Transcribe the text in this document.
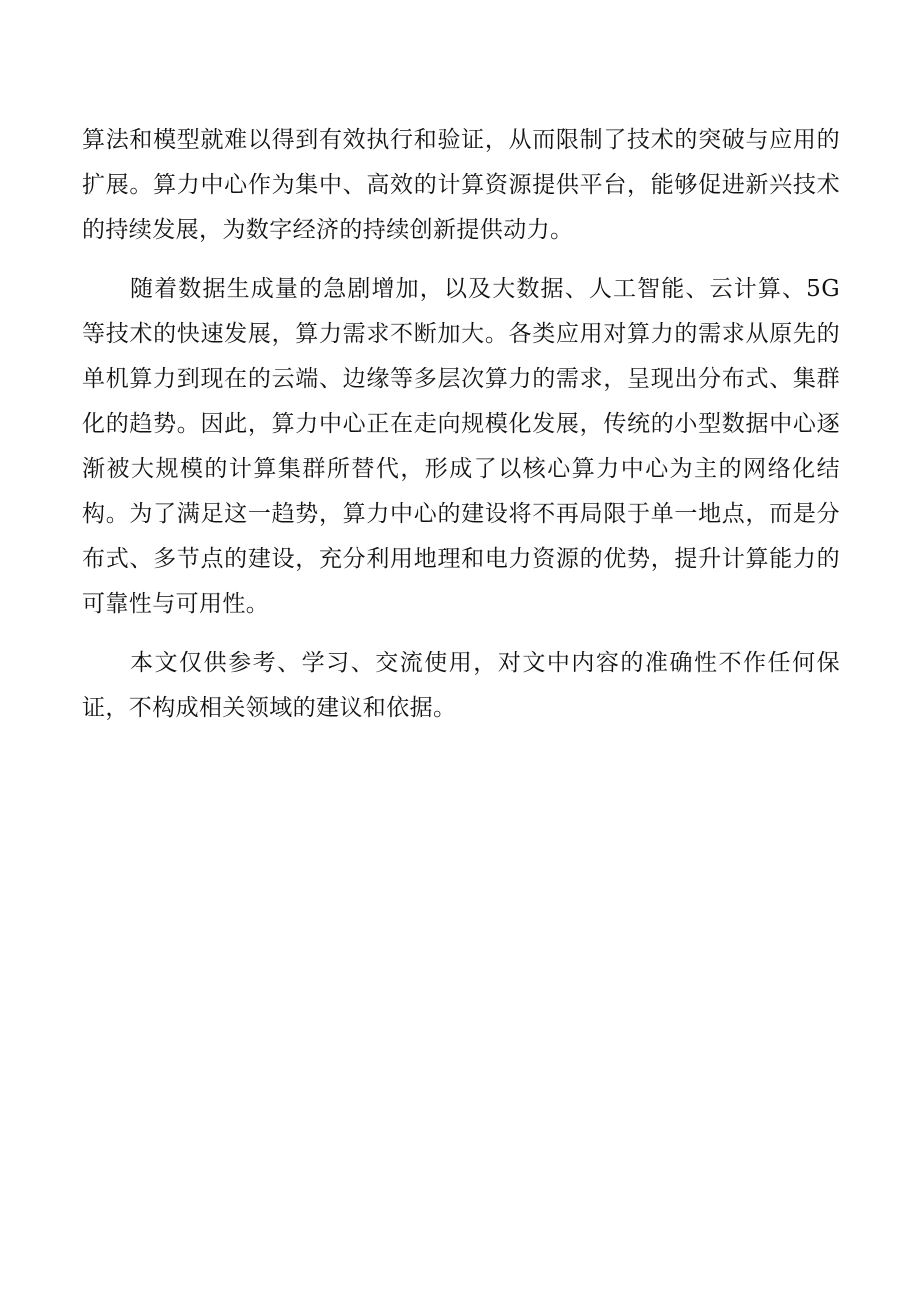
算法和模型就难以得到有效执行和验证，从而限制了技术的突破与应用的扩展。算力中心作为集中、高效的计算资源提供平台，能够促进新兴技术的持续发展，为数字经济的持续创新提供动力。

随着数据生成量的急剧增加，以及大数据、人工智能、云计算、5G等技术的快速发展，算力需求不断加大。各类应用对算力的需求从原先的单机算力到现在的云端、边缘等多层次算力的需求，呈现出分布式、集群化的趋势。因此，算力中心正在走向规模化发展，传统的小型数据中心逐渐被大规模的计算集群所替代，形成了以核心算力中心为主的网络化结构。为了满足这一趋势，算力中心的建设将不再局限于单一地点，而是分布式、多节点的建设，充分利用地理和电力资源的优势，提升计算能力的可靠性与可用性。

本文仅供参考、学习、交流使用，对文中内容的准确性不作任何保证，不构成相关领域的建议和依据。
